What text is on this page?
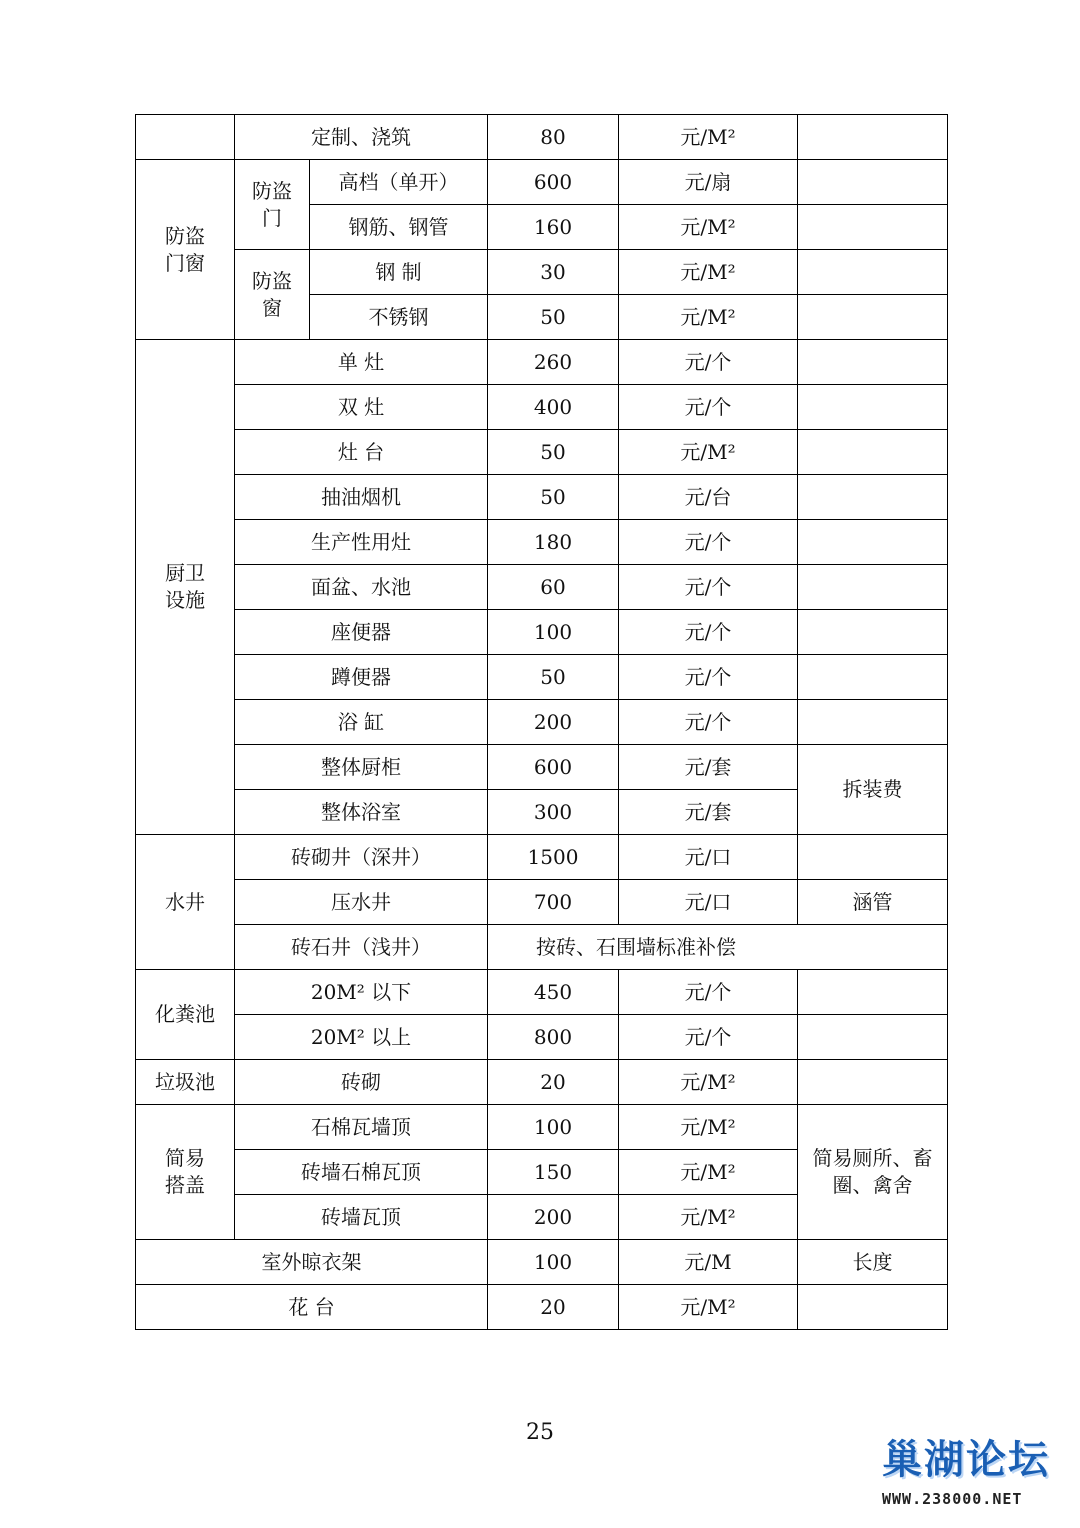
	定制、浇筑		80	元/M²	

防盗门窗	防盗门	高档（单开）	600	元/扇	
		钢筋、钢管	160	元/M²	

	防盗窗	钢 制	30	元/M²	
		不锈钢	50	元/M²	

厨卫设施	单 灶		260	元/个	
	双 灶		400	元/个	
	灶 台		50	元/M²	
	抽油烟机		50	元/台	
	生产性用灶		180	元/个	
	面盆、水池		60	元/个	
	座便器		100	元/个	
	蹲便器		50	元/个	
	浴 缸		200	元/个	
	整体厨柜		600	元/套	拆装费
	整体浴室		300	元/套	
水井	砖砌井（深井）		1500	元/口	
	压水井		700	元/口	涵管
	砖石井（浅井）		按砖、石围墙标准补偿		
化粪池	20M² 以下		450	元/个	
	20M² 以上		800	元/个	
垃圾池	砖砌		20	元/M²	

简易搭盖	石棉瓦墙顶		100	元/M²	简易厕所、畜圈、禽舍
	砖墙石棉瓦顶		150	元/M²	
	砖墙瓦顶		200	元/M²	
室外晾衣架			100	元/M	长度
花 台			20	元/M²	
25
巢湖论坛
WWW.238000.NET
